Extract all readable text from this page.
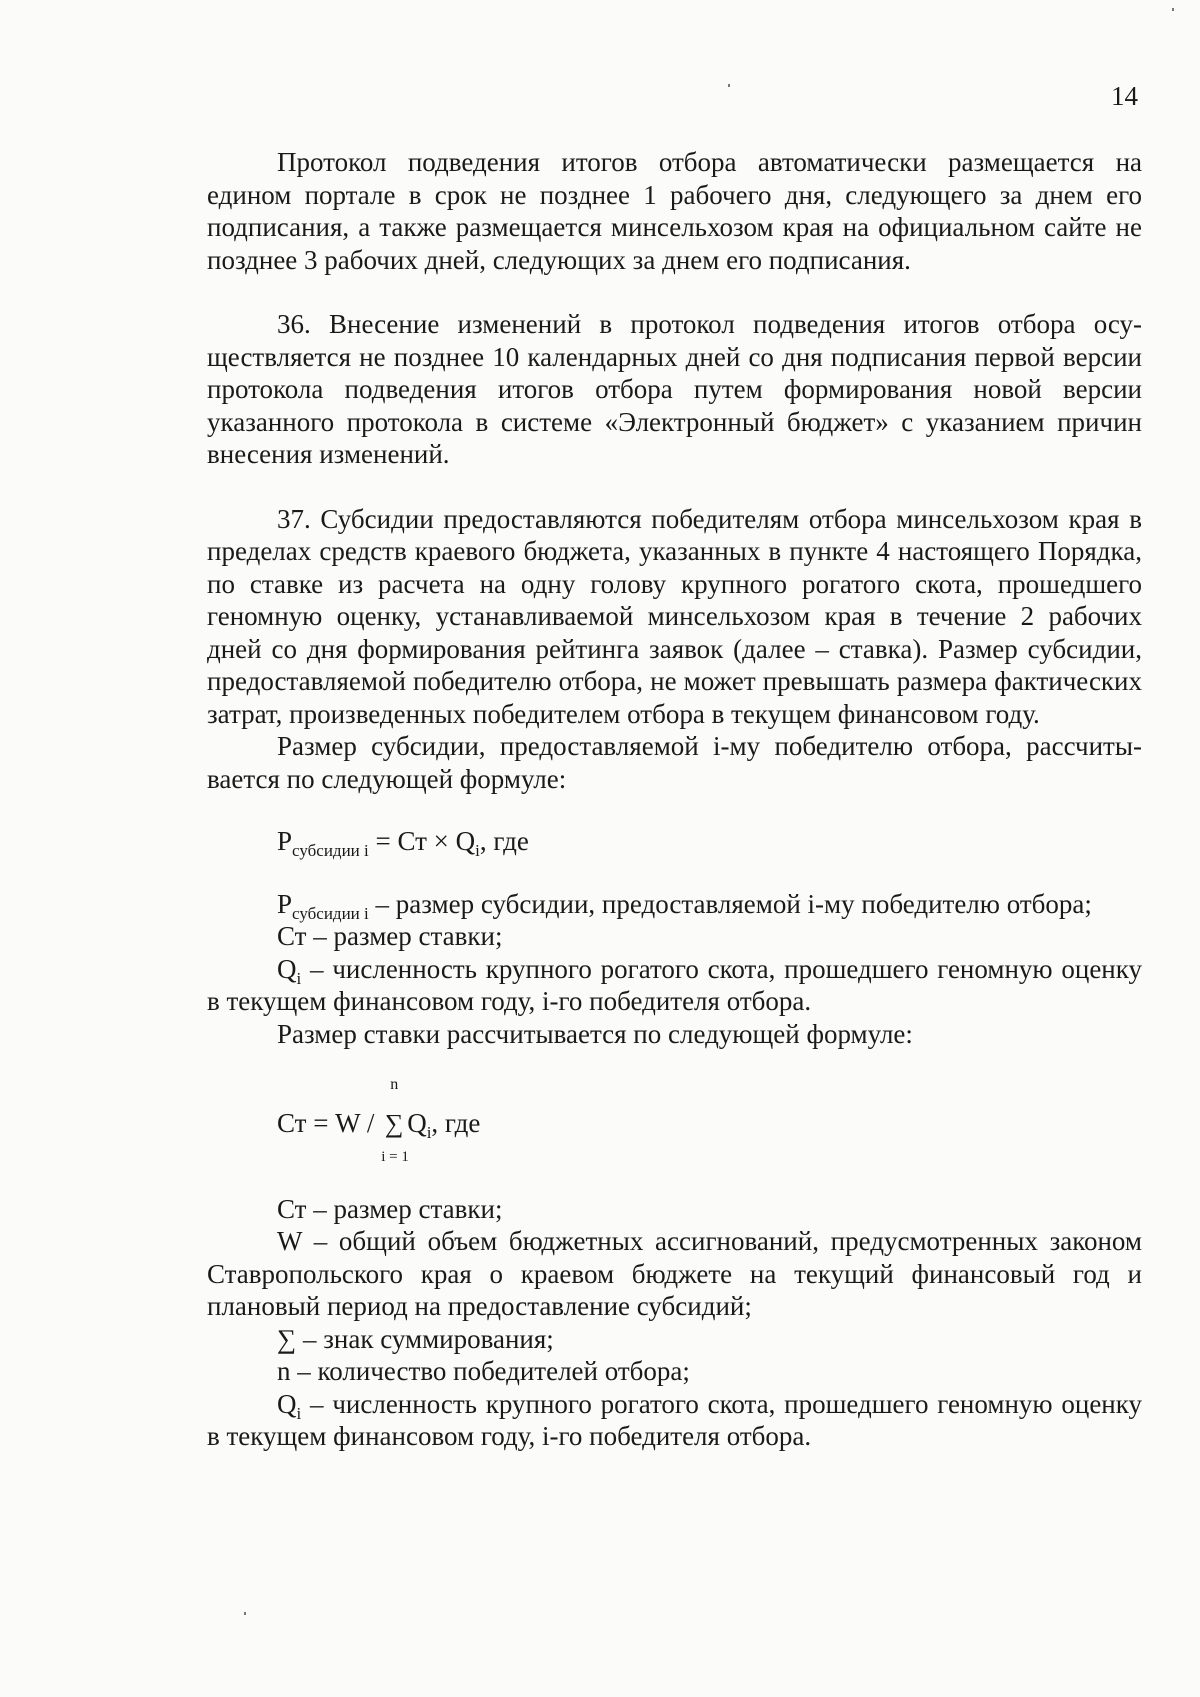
14

Протокол подведения итогов отбора автоматически размещается на едином портале в срок не позднее 1 рабочего дня, следующего за днем его подписания, а также размещается минсельхозом края на официальном сайте не позднее 3 рабочих дней, следующих за днем его подписания.

36. Внесение изменений в протокол подведения итогов отбора осуществляется не позднее 10 календарных дней со дня подписания первой версии протокола подведения итогов отбора путем формирования новой версии указанного протокола в системе «Электронный бюджет» с указанием причин внесения изменений.

37. Субсидии предоставляются победителям отбора минсельхозом края в пределах средств краевого бюджета, указанных в пункте 4 настоящего Порядка, по ставке из расчета на одну голову крупного рогатого скота, прошедшего геномную оценку, устанавливаемой минсельхозом края в течение 2 рабочих дней со дня формирования рейтинга заявок (далее – ставка). Размер субсидии, предоставляемой победителю отбора, не может превышать размера фактических затрат, произведенных победителем отбора в текущем финансовом году.

Размер субсидии, предоставляемой i-му победителю отбора, рассчитывается по следующей формуле:

$P_{субсидии i}$ = Ст × $Q_i$, где

$P_{субсидии i}$ – размер субсидии, предоставляемой i-му победителю отбора;

Ст – размер ставки;

$Q_i$ – численность крупного рогатого скота, прошедшего геномную оценку в текущем финансовом году, i-го победителя отбора.

Размер ставки рассчитывается по следующей формуле:

Ст = W /
n
∑
i = 1
$Q_i$, где

Ст – размер ставки;

W – общий объем бюджетных ассигнований, предусмотренных законом Ставропольского края о краевом бюджете на текущий финансовый год и плановый период на предоставление субсидий;

∑ – знак суммирования;

n – количество победителей отбора;

$Q_i$ – численность крупного рогатого скота, прошедшего геномную оценку в текущем финансовом году, i-го победителя отбора.
